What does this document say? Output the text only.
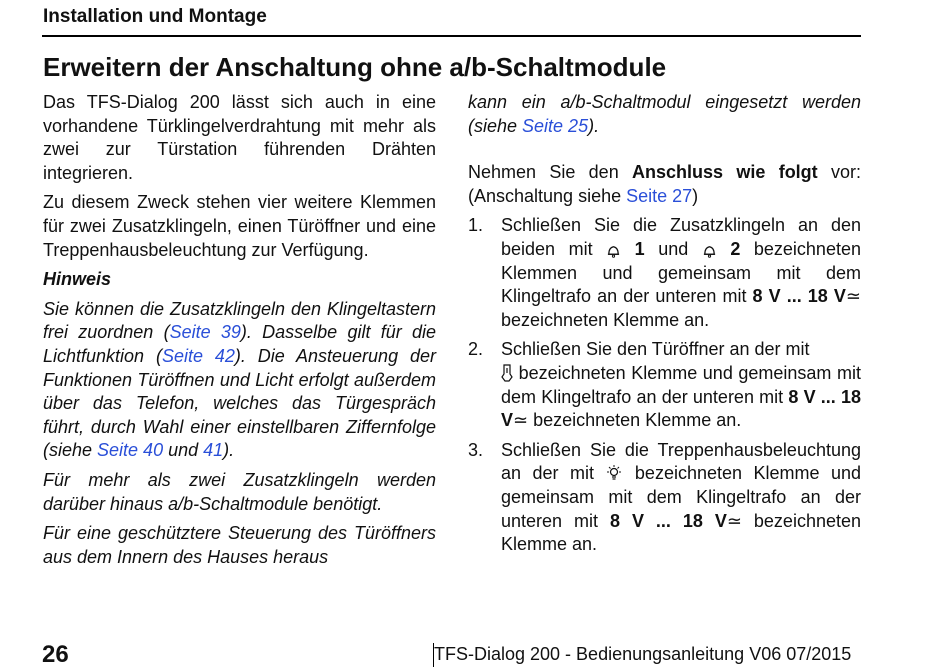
Installation und Montage
Erweitern der Anschaltung ohne a/b-Schaltmodule

Das TFS-Dialog 200 lässt sich auch in eine vorhandene Türklingelverdrahtung mit mehr als zwei zur Türstation führenden Drähten integrieren.

Zu diesem Zweck stehen vier weitere Klemmen für zwei Zusatzklingeln, einen Türöffner und eine Treppenhausbeleuchtung zur Verfügung.

Hinweis

Sie können die Zusatzklingeln den Klingeltastern frei zuordnen (Seite 39). Dasselbe gilt für die Lichtfunktion (Seite 42). Die Ansteuerung der Funktionen Türöffnen und Licht erfolgt außerdem über das Telefon, welches das Türgespräch führt, durch Wahl einer einstellbaren Ziffernfolge (siehe Seite 40 und 41).

Für mehr als zwei Zusatzklingeln werden darüber hinaus a/b-Schaltmodule benötigt.

Für eine geschütztere Steuerung des Türöffners aus dem Innern des Hauses heraus

kann ein a/b-Schaltmodul eingesetzt werden (siehe Seite 25).

Nehmen Sie den Anschluss wie folgt vor: (Anschaltung siehe Seite 27)

1. Schließen Sie die Zusatzklingeln an den beiden mit  1 und  2 bezeichneten Klemmen und gemeinsam mit dem Klingeltrafo an der unteren mit 8 V ... 18 V≃ bezeichneten Klemme an.
2. Schließen Sie den Türöffner an der mit
bezeichneten Klemme und gemeinsam mit dem Klingeltrafo an der unteren mit 8 V ... 18 V≃ bezeichneten Klemme an.
3. Schließen Sie die Treppenhausbeleuchtung an der mit  bezeichneten Klemme und gemeinsam mit dem Klingeltrafo an der unteren mit 8 V ... 18 V≃ bezeichneten Klemme an.
26	TFS-Dialog 200 - Bedienungsanleitung V06 07/2015
